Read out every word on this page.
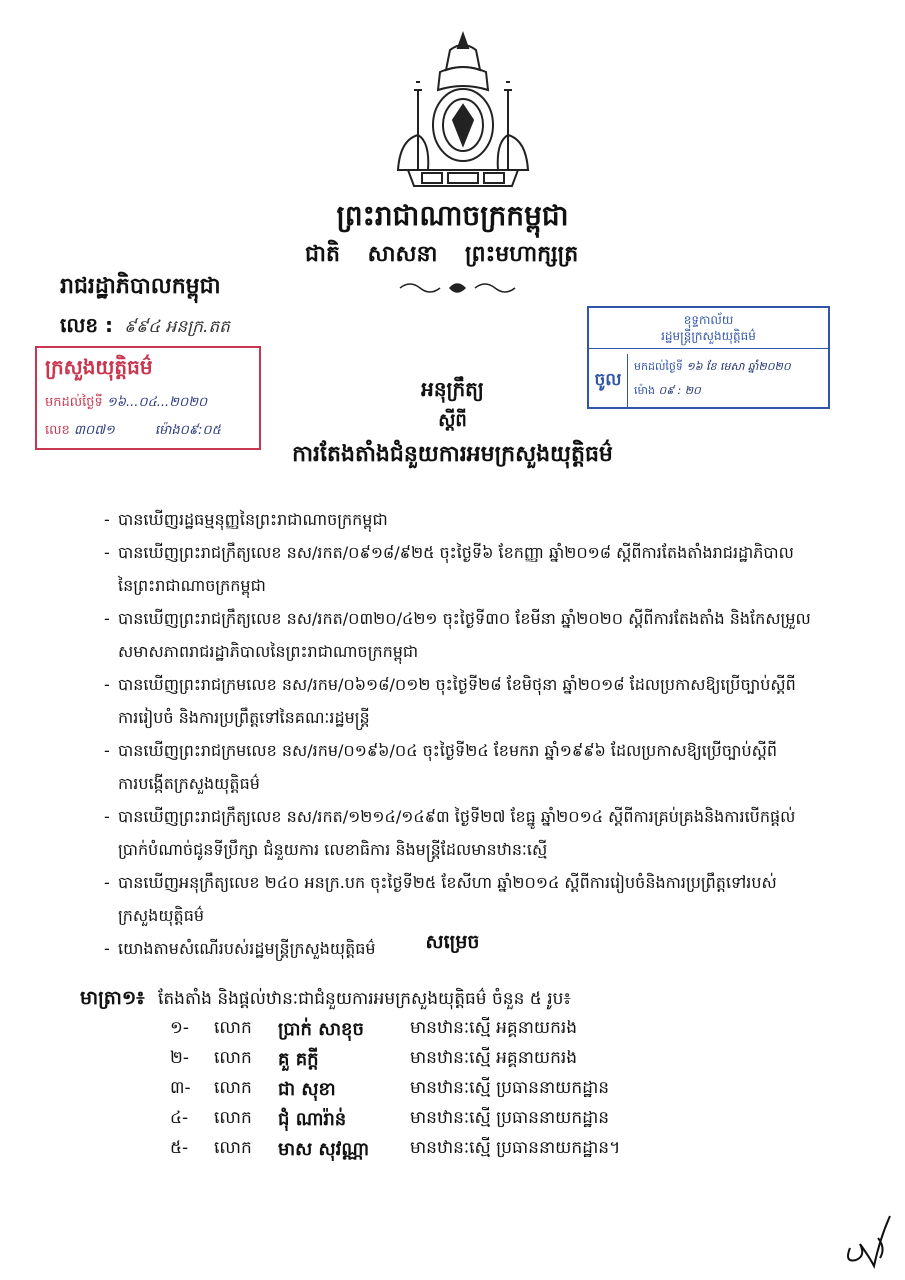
ព្រះរាជាណាចក្រកម្ពុជា
ជាតិ សាសនា ព្រះមហាក្សត្រ
រាជរដ្ឋាភិបាលកម្ពុជា
លេខ : ៩៩៤ អនក្រ.តត
ក្រសួងយុត្តិធម៌
មកដល់ថ្ងៃទី ១៦...០៤...២០២០
លេខ ៣០៧១	ម៉ោង០៩:០៥
ខុទ្ទកាល័យ
រដ្ឋមន្ត្រីក្រសួងយុត្តិធម៌
ចូល
មកដល់ថ្ងៃទី ១៦ ខែ មេសា ឆ្នាំ២០២០
ម៉ោង ០៩ : ២០
អនុក្រឹត្យ
ស្តីពី
ការតែងតាំងជំនួយការអមក្រសួងយុត្តិធម៌
- បានឃើញរដ្ឋធម្មនុញ្ញនៃព្រះរាជាណាចក្រកម្ពុជា
- បានឃើញព្រះរាជក្រឹត្យលេខ នស/រកត/០៩១៨/៩២៥ ចុះថ្ងៃទី៦ ខែកញ្ញា ឆ្នាំ២០១៨ ស្តីពីការតែងតាំងរាជរដ្ឋាភិបាល
នៃព្រះរាជាណាចក្រកម្ពុជា
- បានឃើញព្រះរាជក្រឹត្យលេខ នស/រកត/០៣២០/៤២១ ចុះថ្ងៃទី៣០ ខែមីនា ឆ្នាំ២០២០ ស្តីពីការតែងតាំង និងកែសម្រួល
សមាសភាពរាជរដ្ឋាភិបាលនៃព្រះរាជាណាចក្រកម្ពុជា
- បានឃើញព្រះរាជក្រមលេខ នស/រកម/០៦១៨/០១២ ចុះថ្ងៃទី២៨ ខែមិថុនា ឆ្នាំ២០១៨ ដែលប្រកាសឱ្យប្រើច្បាប់ស្តីពី
ការរៀបចំ និងការប្រព្រឹត្តទៅនៃគណៈរដ្ឋមន្ត្រី
- បានឃើញព្រះរាជក្រមលេខ នស/រកម/០១៩៦/០៤ ចុះថ្ងៃទី២៤ ខែមករា ឆ្នាំ១៩៩៦ ដែលប្រកាសឱ្យប្រើច្បាប់ស្តីពី
ការបង្កើតក្រសួងយុត្តិធម៌
- បានឃើញព្រះរាជក្រឹត្យលេខ នស/រកត/១២១៤/១៤៩៣ ថ្ងៃទី២៧ ខែធ្នូ ឆ្នាំ២០១៤ ស្តីពីការគ្រប់គ្រងនិងការបើកផ្តល់
ប្រាក់បំណាច់ជូនទីប្រឹក្សា ជំនួយការ លេខាធិការ និងមន្ត្រីដែលមានឋានៈស្មើ
- បានឃើញអនុក្រឹត្យលេខ ២៤០ អនក្រ.បក ចុះថ្ងៃទី២៥ ខែសីហា ឆ្នាំ២០១៤ ស្តីពីការរៀបចំនិងការប្រព្រឹត្តទៅរបស់
ក្រសួងយុត្តិធម៌
- យោងតាមសំណើរបស់រដ្ឋមន្ត្រីក្រសួងយុត្តិធម៌	សម្រេច
មាត្រា១៖ តែងតាំង និងផ្តល់ឋានៈជាជំនួយការអមក្រសួងយុត្តិធម៌ ចំនួន ៥ រូប៖
១- លោក ប្រាក់ សាខុច	មានឋានៈស្មើ អគ្គនាយករង
២- លោក គួ គក្តី	មានឋានៈស្មើ អគ្គនាយករង
៣- លោក ជា សុខា	មានឋានៈស្មើ ប្រធាននាយកដ្ឋាន
៤- លោក ជុំ ណារ៉ាន់	មានឋានៈស្មើ ប្រធាននាយកដ្ឋាន
៥- លោក មាស សុវណ្ណា មានឋានៈស្មើ ប្រធាននាយកដ្ឋាន។
